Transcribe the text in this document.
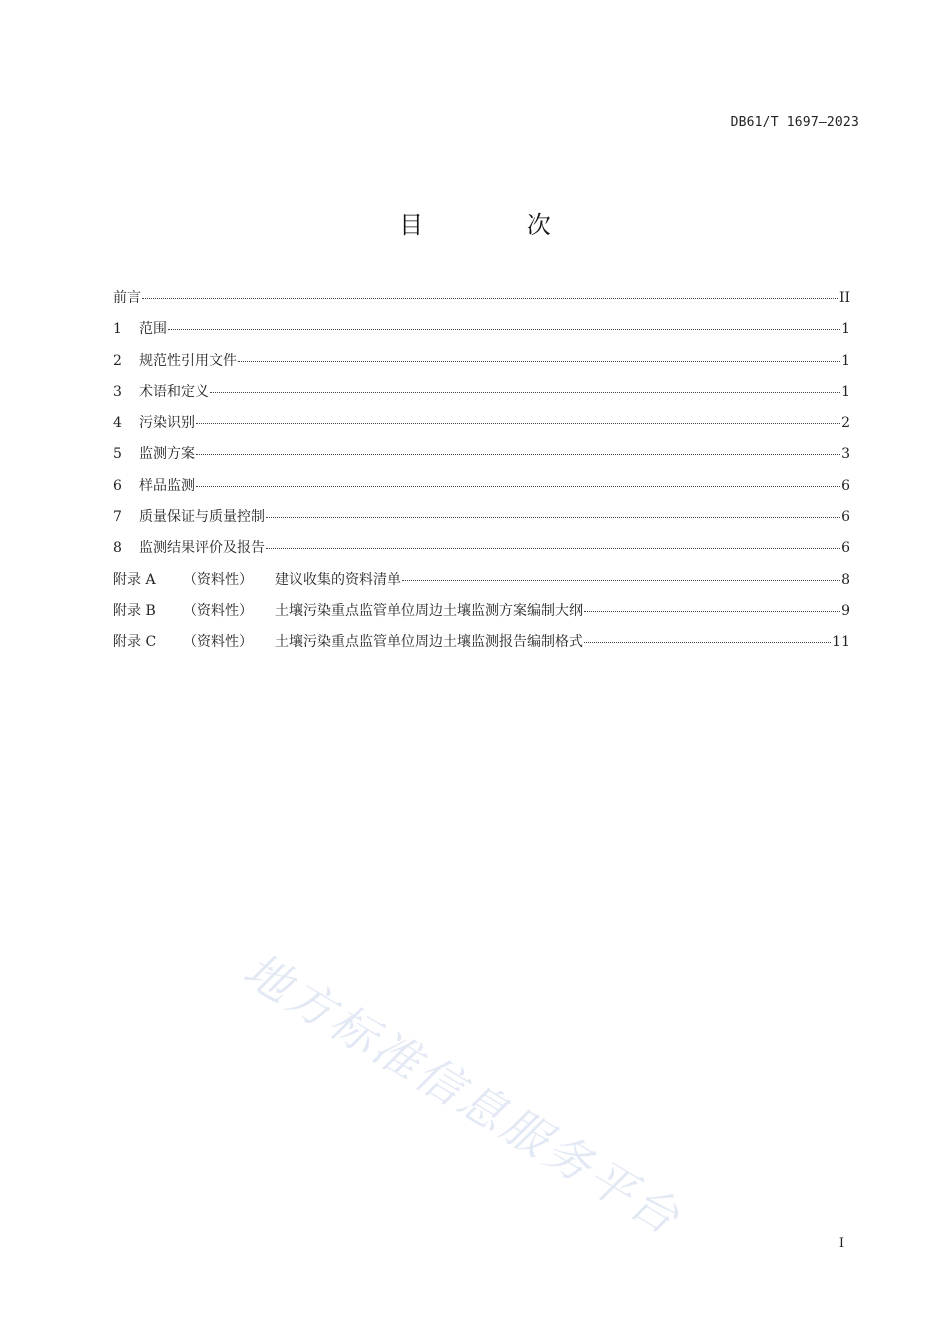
DB61/T 1697—2023
目 次
前言	II
1	范围	1
2	规范性引用文件	1
3	术语和定义	1
4	污染识别	2
5	监测方案	3
6	样品监测	6
7	质量保证与质量控制	6
8	监测结果评价及报告	6
附录 A	（资料性）	建议收集的资料清单	8
附录 B	（资料性）	土壤污染重点监管单位周边土壤监测方案编制大纲	9
附录 C	（资料性）	土壤污染重点监管单位周边土壤监测报告编制格式	11
地方标准信息服务平台	I
